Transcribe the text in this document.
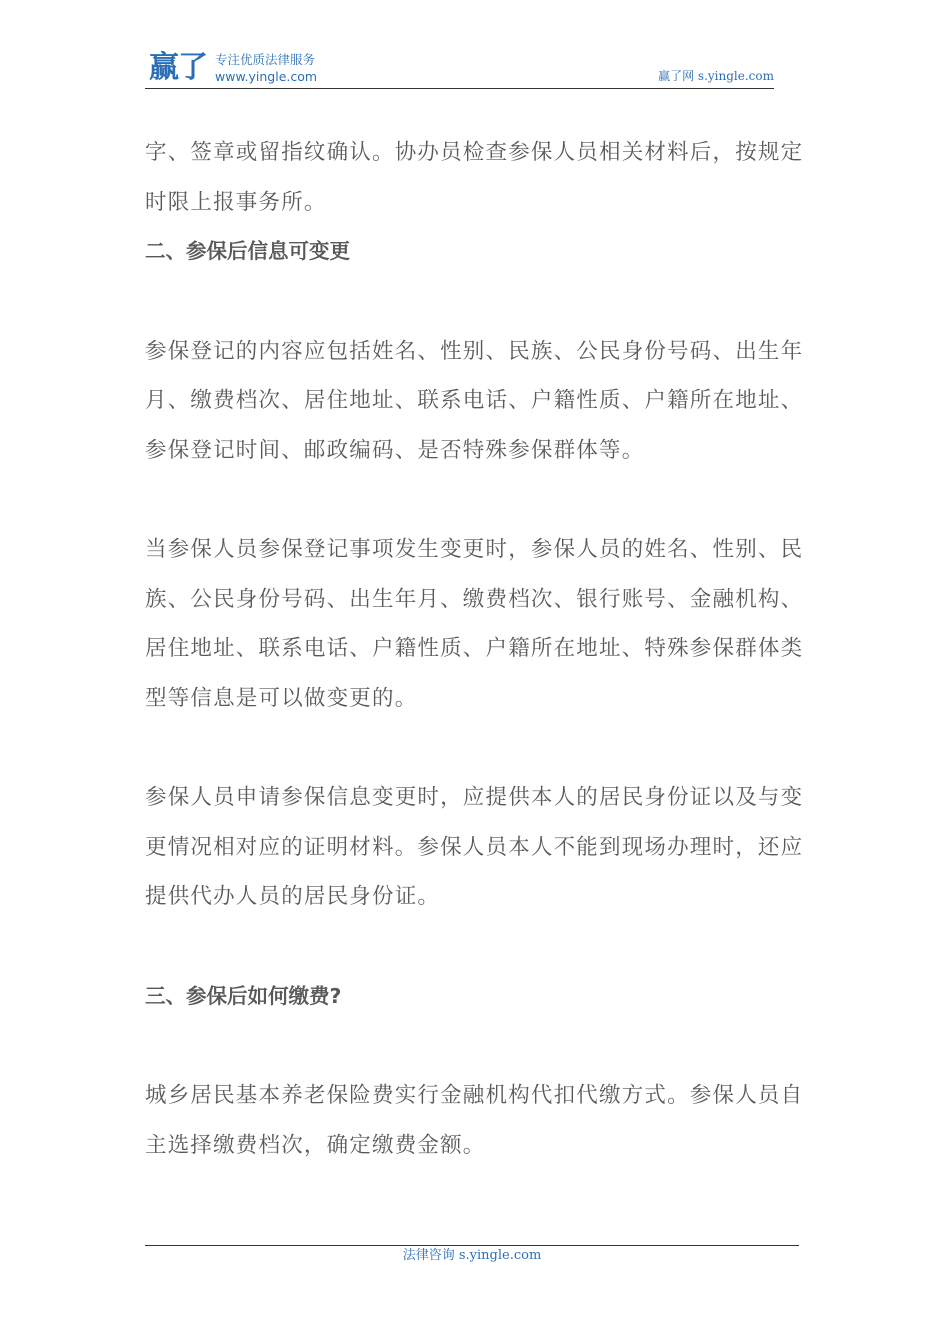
赢了 专注优质法律服务
www.yingle.com	赢了网 s.yingle.com

字、签章或留指纹确认。协办员检查参保人员相关材料后，按规定时限上报事务所。

二、参保后信息可变更

参保登记的内容应包括姓名、性别、民族、公民身份号码、出生年月、缴费档次、居住地址、联系电话、户籍性质、户籍所在地址、参保登记时间、邮政编码、是否特殊参保群体等。

当参保人员参保登记事项发生变更时，参保人员的姓名、性别、民族、公民身份号码、出生年月、缴费档次、银行账号、金融机构、居住地址、联系电话、户籍性质、户籍所在地址、特殊参保群体类型等信息是可以做变更的。

参保人员申请参保信息变更时，应提供本人的居民身份证以及与变更情况相对应的证明材料。参保人员本人不能到现场办理时，还应提供代办人员的居民身份证。

三、参保后如何缴费?

城乡居民基本养老保险费实行金融机构代扣代缴方式。参保人员自主选择缴费档次，确定缴费金额。

法律咨询 s.yingle.com
